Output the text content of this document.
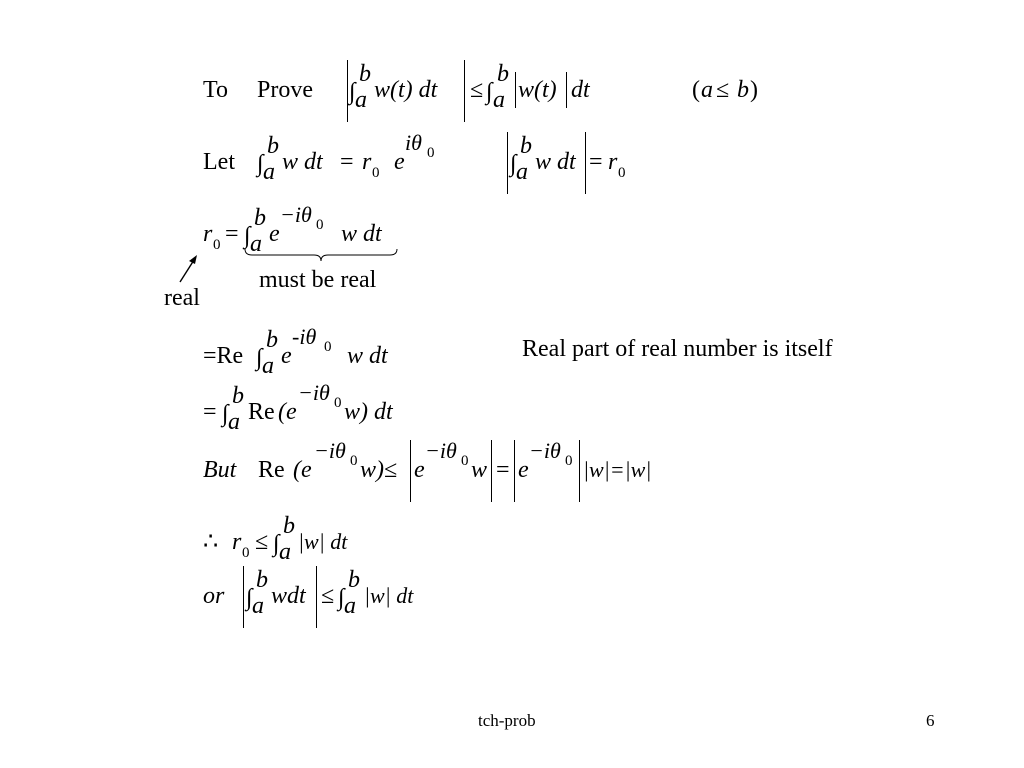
To Prove ∫
b
a w(t) dt ≤ ∫
b
a w(t) dt	( a ≤ b )
Let ∫
b
a w dt = r 0 e
iθ 0	∫
b
a w dt = r 0
r 0 = ∫
b
a e
−iθ 0 w dt
must be real
real
=Re ∫
b
a e
-iθ 0 w dt	Real part of real number is itself
= ∫
b
a Re (e
−iθ 0 w) dt
But Re (e
−iθ 0 w)≤ e
−iθ 0 w = e
−iθ 0 |w|=|w|
∴ r 0 ≤ ∫
b
a |w| dt
or ∫
b
a wdt ≤ ∫
b
a |w| dt
tch-prob	6
